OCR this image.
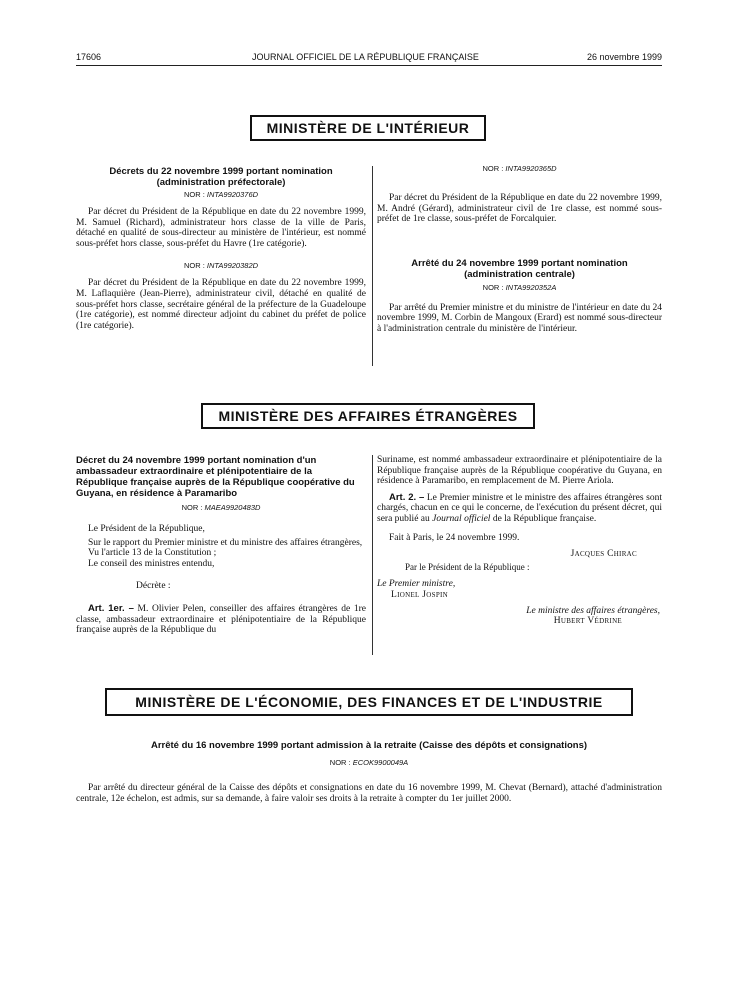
17606	JOURNAL OFFICIEL DE LA RÉPUBLIQUE FRANÇAISE	26 novembre 1999
MINISTÈRE DE L'INTÉRIEUR
Décrets du 22 novembre 1999 portant nomination (administration préfectorale)
NOR : INTA9920376D

Par décret du Président de la République en date du 22 novembre 1999, M. Samuel (Richard), administrateur hors classe de la ville de Paris, détaché en qualité de sous-directeur au ministère de l'intérieur, est nommé sous-préfet hors classe, sous-préfet du Havre (1re catégorie).

NOR : INTA9920382D

Par décret du Président de la République en date du 22 novembre 1999, M. Laflaquière (Jean-Pierre), administrateur civil, détaché en qualité de sous-préfet hors classe, secrétaire général de la préfecture de la Guadeloupe (1re catégorie), est nommé directeur adjoint du cabinet du préfet de police (1re catégorie).

NOR : INTA9920365D

Par décret du Président de la République en date du 22 novembre 1999, M. André (Gérard), administrateur civil de 1re classe, est nommé sous-préfet de 1re classe, sous-préfet de Forcalquier.

Arrêté du 24 novembre 1999 portant nomination (administration centrale)
NOR : INTA9920352A

Par arrêté du Premier ministre et du ministre de l'intérieur en date du 24 novembre 1999, M. Corbin de Mangoux (Erard) est nommé sous-directeur à l'administration centrale du ministère de l'intérieur.

MINISTÈRE DES AFFAIRES ÉTRANGÈRES
Décret du 24 novembre 1999 portant nomination d'un ambassadeur extraordinaire et plénipotentiaire de la République française auprès de la République coopérative du Guyana, en résidence à Paramaribo
NOR : MAEA9920483D

Le Président de la République,

Sur le rapport du Premier ministre et du ministre des affaires étrangères,

Vu l'article 13 de la Constitution ;

Le conseil des ministres entendu,

Décrète :

Art. 1er. – M. Olivier Pelen, conseiller des affaires étrangères de 1re classe, ambassadeur extraordinaire et plénipotentiaire de la République française auprès de la République du

Suriname, est nommé ambassadeur extraordinaire et plénipotentiaire de la République française auprès de la République coopérative du Guyana, en résidence à Paramaribo, en remplacement de M. Pierre Ariola.

Art. 2. – Le Premier ministre et le ministre des affaires étrangères sont chargés, chacun en ce qui le concerne, de l'exécution du présent décret, qui sera publié au Journal officiel de la République française.

Fait à Paris, le 24 novembre 1999.

Jacques Chirac

Par le Président de la République :

Le Premier ministre,

Lionel Jospin

Le ministre des affaires étrangères,

Hubert Védrine

MINISTÈRE DE L'ÉCONOMIE, DES FINANCES ET DE L'INDUSTRIE
Arrêté du 16 novembre 1999 portant admission à la retraite (Caisse des dépôts et consignations)
NOR : ECOK9900049A

Par arrêté du directeur général de la Caisse des dépôts et consignations en date du 16 novembre 1999, M. Chevat (Bernard), attaché d'administration centrale, 12e échelon, est admis, sur sa demande, à faire valoir ses droits à la retraite à compter du 1er juillet 2000.
